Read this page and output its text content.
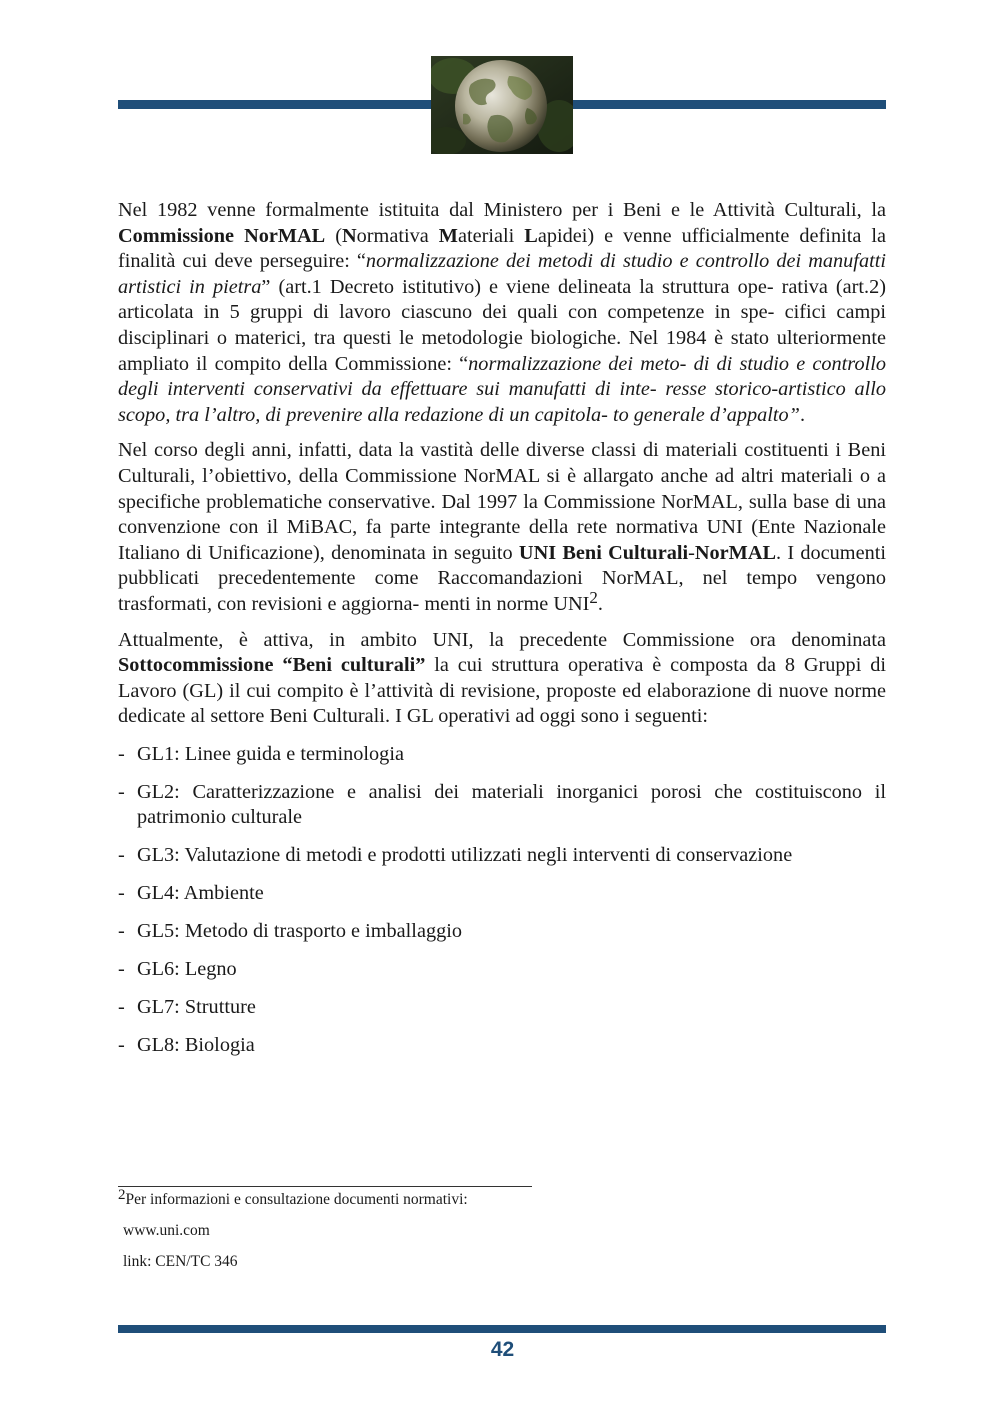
Nel 1982 venne formalmente istituita dal Ministero per i Beni e le Attività Culturali, la Commissione NorMAL (Normativa Materiali Lapidei) e venne ufficialmente definita la finalità cui deve perseguire: “normalizzazione dei metodi di studio e controllo dei manufatti artistici in pietra” (art.1 Decreto istitutivo) e viene delineata la struttura ope- rativa (art.2) articolata in 5 gruppi di lavoro ciascuno dei quali con competenze in spe- cifici campi disciplinari o materici, tra questi le metodologie biologiche. Nel 1984 è stato ulteriormente ampliato il compito della Commissione: “normalizzazione dei meto- di di studio e controllo degli interventi conservativi da effettuare sui manufatti di inte- resse storico-artistico allo scopo, tra l’altro, di prevenire alla redazione di un capitola- to generale d’appalto”.

Nel corso degli anni, infatti, data la vastità delle diverse classi di materiali costituenti i Beni Culturali, l’obiettivo, della Commissione NorMAL si è allargato anche ad altri materiali o a specifiche problematiche conservative. Dal 1997 la Commissione NorMAL, sulla base di una convenzione con il MiBAC, fa parte integrante della rete normativa UNI (Ente Nazionale Italiano di Unificazione), denominata in seguito UNI Beni Culturali-NorMAL. I documenti pubblicati precedentemente come Raccomandazioni NorMAL, nel tempo vengono trasformati, con revisioni e aggiorna- menti in norme UNI$^2$.

Attualmente, è attiva, in ambito UNI, la precedente Commissione ora denominata Sottocommissione “Beni culturali” la cui struttura operativa è composta da 8 Gruppi di Lavoro (GL) il cui compito è l’attività di revisione, proposte ed elaborazione di nuove norme dedicate al settore Beni Culturali. I GL operativi ad oggi sono i seguenti:

- GL1: Linee guida e terminologia
- GL2: Caratterizzazione e analisi dei materiali inorganici porosi che costituiscono il patrimonio culturale
- GL3: Valutazione di metodi e prodotti utilizzati negli interventi di conservazione
- GL4: Ambiente
- GL5: Metodo di trasporto e imballaggio
- GL6: Legno
- GL7: Strutture
- GL8: Biologia
$^2$Per informazioni e consultazione documenti normativi:
www.uni.com
link: CEN/TC 346
42
